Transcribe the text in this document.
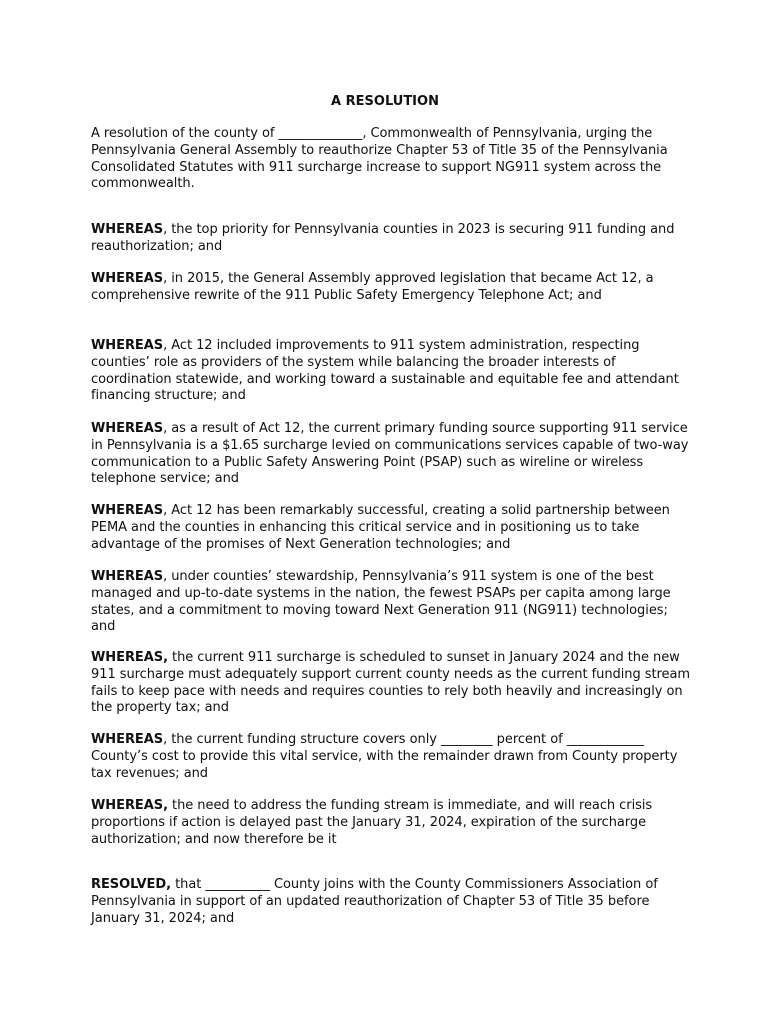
A RESOLUTION

A resolution of the county of _____________, Commonwealth of Pennsylvania, urging the Pennsylvania General Assembly to reauthorize Chapter 53 of Title 35 of the Pennsylvania Consolidated Statutes with 911 surcharge increase to support NG911 system across the commonwealth.

WHEREAS, the top priority for Pennsylvania counties in 2023 is securing 911 funding and reauthorization; and

WHEREAS, in 2015, the General Assembly approved legislation that became Act 12, a comprehensive rewrite of the 911 Public Safety Emergency Telephone Act; and

WHEREAS, Act 12 included improvements to 911 system administration, respecting counties’ role as providers of the system while balancing the broader interests of coordination statewide, and working toward a sustainable and equitable fee and attendant financing structure; and

WHEREAS, as a result of Act 12, the current primary funding source supporting 911 service in Pennsylvania is a $1.65 surcharge levied on communications services capable of two-way communication to a Public Safety Answering Point (PSAP) such as wireline or wireless telephone service; and

WHEREAS, Act 12 has been remarkably successful, creating a solid partnership between PEMA and the counties in enhancing this critical service and in positioning us to take advantage of the promises of Next Generation technologies; and

WHEREAS, under counties’ stewardship, Pennsylvania’s 911 system is one of the best managed and up-to-date systems in the nation, the fewest PSAPs per capita among large states, and a commitment to moving toward Next Generation 911 (NG911) technologies; and

WHEREAS, the current 911 surcharge is scheduled to sunset in January 2024 and the new 911 surcharge must adequately support current county needs as the current funding stream fails to keep pace with needs and requires counties to rely both heavily and increasingly on the property tax; and

WHEREAS, the current funding structure covers only ________ percent of ____________ County’s cost to provide this vital service, with the remainder drawn from County property tax revenues; and

WHEREAS, the need to address the funding stream is immediate, and will reach crisis proportions if action is delayed past the January 31, 2024, expiration of the surcharge authorization; and now therefore be it

RESOLVED, that __________ County joins with the County Commissioners Association of Pennsylvania in support of an updated reauthorization of Chapter 53 of Title 35 before January 31, 2024; and
